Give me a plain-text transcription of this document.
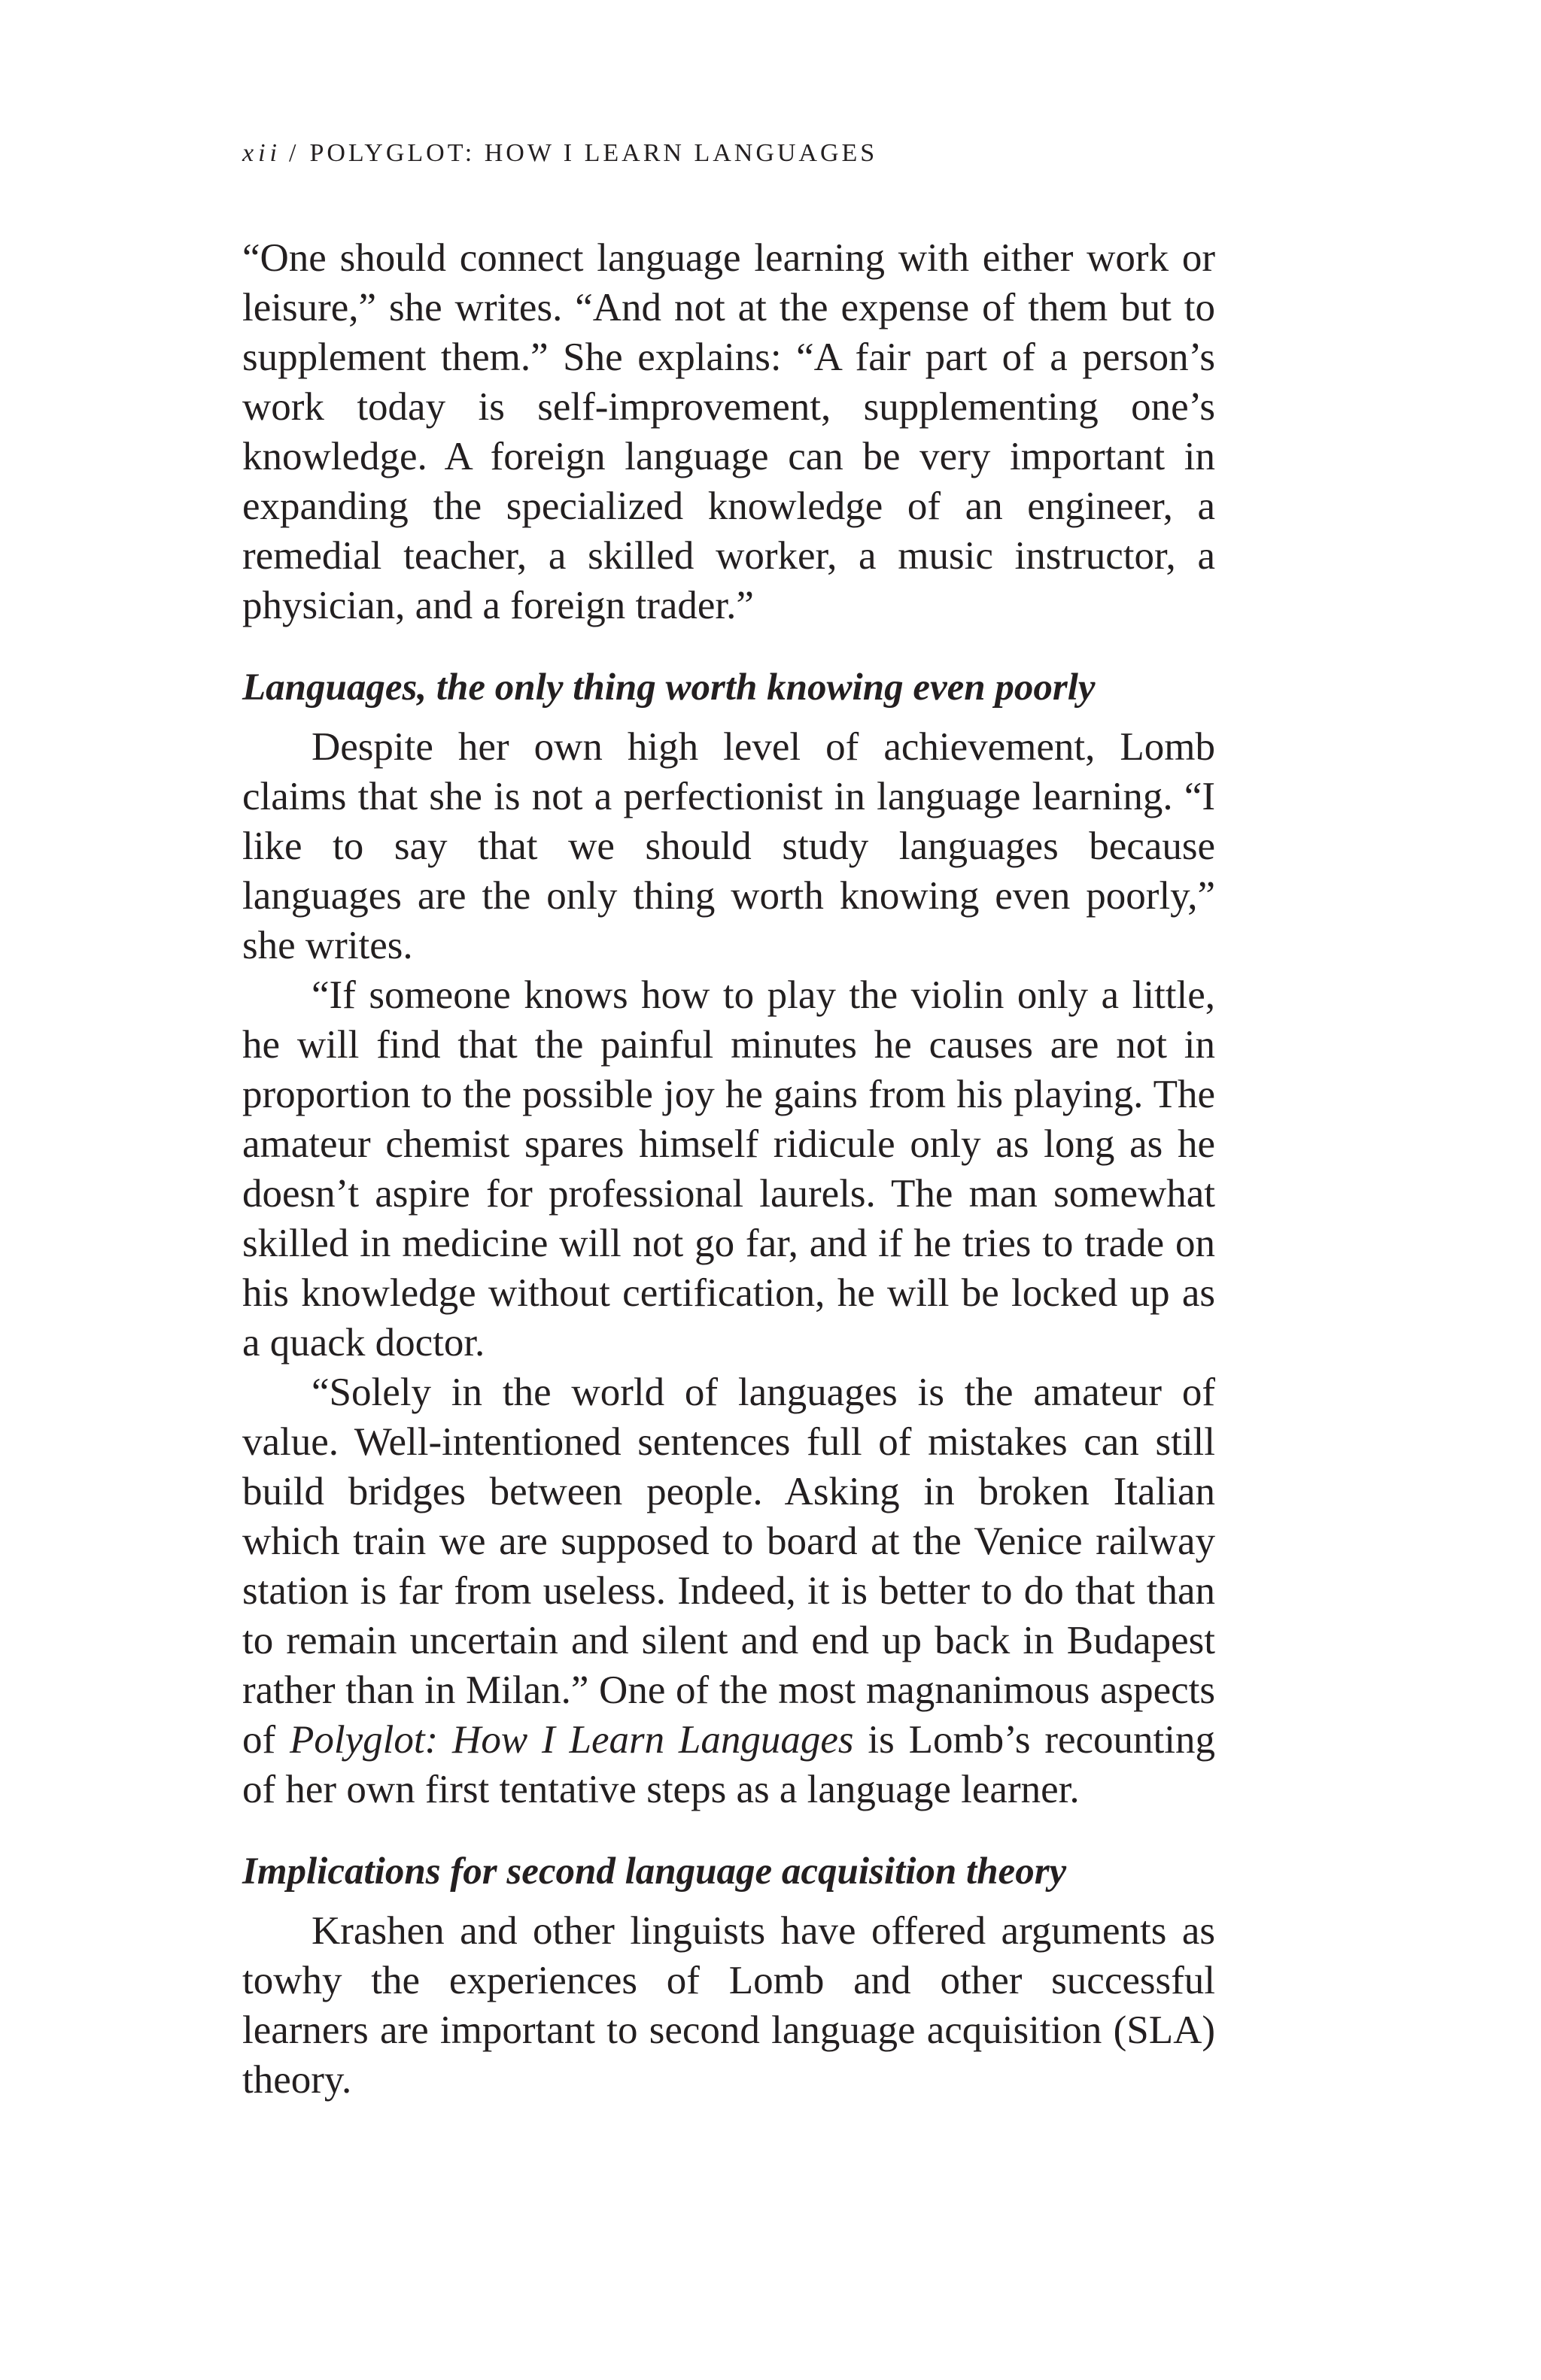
xii / POLYGLOT: HOW I LEARN LANGUAGES

“One should connect language learning with either work or leisure,” she writes. “And not at the expense of them but to supplement them.” She explains: “A fair part of a person’s work today is self-improvement, supplementing one’s knowledge. A foreign language can be very important in expanding the specialized knowledge of an engineer, a remedial teacher, a skilled worker, a music instructor, a physician, and a foreign trader.”

Languages, the only thing worth knowing even poorly

Despite her own high level of achievement, Lomb claims that she is not a perfectionist in language learning. “I like to say that we should study languages because languages are the only thing worth knowing even poorly,” she writes.

“If someone knows how to play the violin only a little, he will find that the painful minutes he causes are not in proportion to the possible joy he gains from his playing. The amateur chemist spares himself ridicule only as long as he doesn’t aspire for professional laurels. The man somewhat skilled in medicine will not go far, and if he tries to trade on his knowledge without certification, he will be locked up as a quack doctor.

“Solely in the world of languages is the amateur of value. Well-intentioned sentences full of mistakes can still build bridges between people. Asking in broken Italian which train we are supposed to board at the Venice railway station is far from useless. Indeed, it is better to do that than to remain uncertain and silent and end up back in Budapest rather than in Milan.” One of the most magnanimous aspects of Polyglot: How I Learn Languages is Lomb’s recounting of her own first tentative steps as a language learner.

Implications for second language acquisition theory

Krashen and other linguists have offered arguments as towhy the experiences of Lomb and other successful learners are important to second language acquisition (SLA) theory.
